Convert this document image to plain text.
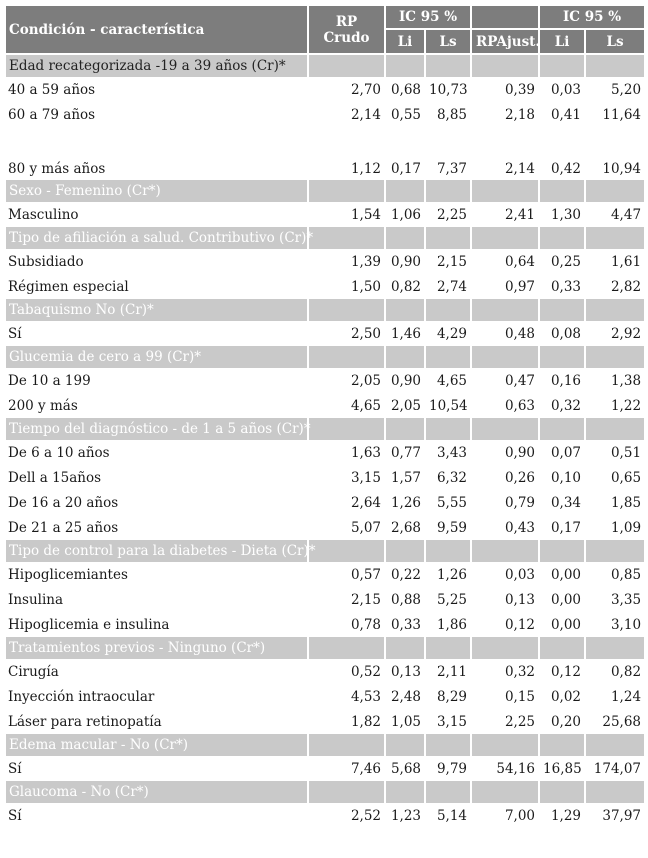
Condición - característica	RP Crudo	IC 95 %			IC 95 %	
		Li	Ls	RPAjust.	Li	Ls
Edad recategorizada -19 a 39 años (Cr)*						
40 a 59 años	2,70	0,68	10,73	0,39	0,03	5,20
60 a 79 años	2,14	0,55	8,85	2,18	0,41	11,64
80 y más años	1,12	0,17	7,37	2,14	0,42	10,94
Sexo - Femenino (Cr*)						
Masculino	1,54	1,06	2,25	2,41	1,30	4,47
Tipo de afiliación a salud. Contributivo (Cr)*						
Subsidiado	1,39	0,90	2,15	0,64	0,25	1,61
Régimen especial	1,50	0,82	2,74	0,97	0,33	2,82
Tabaquismo No (Cr)*						
Sí	2,50	1,46	4,29	0,48	0,08	2,92
Glucemia de cero a 99 (Cr)*						
De 10 a 199	2,05	0,90	4,65	0,47	0,16	1,38
200 y más	4,65	2,05	10,54	0,63	0,32	1,22
Tiempo del diagnóstico - de 1 a 5 años (Cr)*						
De 6 a 10 años	1,63	0,77	3,43	0,90	0,07	0,51
Dell a 15años	3,15	1,57	6,32	0,26	0,10	0,65
De 16 a 20 años	2,64	1,26	5,55	0,79	0,34	1,85
De 21 a 25 años	5,07	2,68	9,59	0,43	0,17	1,09
Tipo de control para la diabetes - Dieta (Cr)*						
Hipoglicemiantes	0,57	0,22	1,26	0,03	0,00	0,85
Insulina	2,15	0,88	5,25	0,13	0,00	3,35
Hipoglicemia e insulina	0,78	0,33	1,86	0,12	0,00	3,10
Tratamientos previos - Ninguno (Cr*)						
Cirugía	0,52	0,13	2,11	0,32	0,12	0,82
Inyección intraocular	4,53	2,48	8,29	0,15	0,02	1,24
Láser para retinopatía	1,82	1,05	3,15	2,25	0,20	25,68
Edema macular - No (Cr*)						
Sí	7,46	5,68	9,79	54,16	16,85	174,07
Glaucoma - No (Cr*)						
Sí	2,52	1,23	5,14	7,00	1,29	37,97
